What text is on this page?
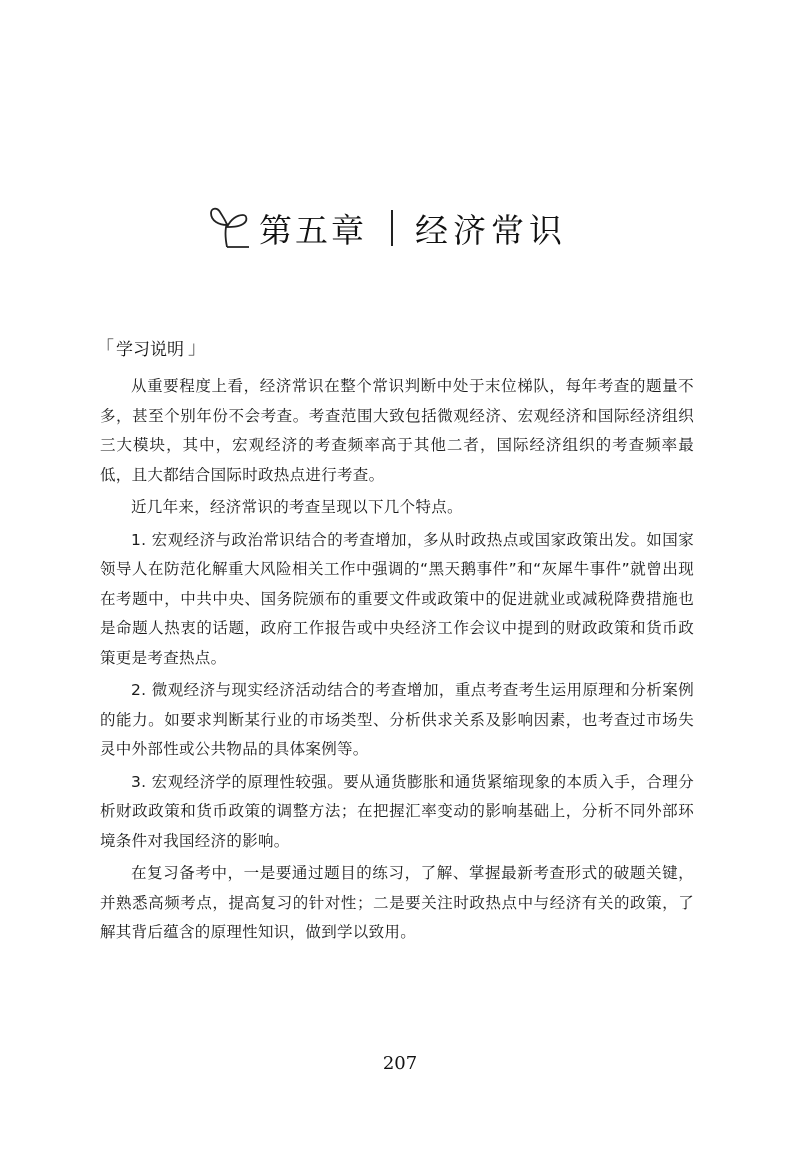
第五章 经济常识
「 学习说明 」

从重要程度上看，经济常识在整个常识判断中处于末位梯队，每年考查的题量不多，甚至个别年份不会考查。考查范围大致包括微观经济、宏观经济和国际经济组织三大模块，其中，宏观经济的考查频率高于其他二者，国际经济组织的考查频率最低，且大都结合国际时政热点进行考查。

近几年来，经济常识的考查呈现以下几个特点。

1. 宏观经济与政治常识结合的考查增加，多从时政热点或国家政策出发。如国家领导人在防范化解重大风险相关工作中强调的“黑天鹅事件”和“灰犀牛事件”就曾出现在考题中，中共中央、国务院颁布的重要文件或政策中的促进就业或减税降费措施也是命题人热衷的话题，政府工作报告或中央经济工作会议中提到的财政政策和货币政策更是考查热点。

2. 微观经济与现实经济活动结合的考查增加，重点考查考生运用原理和分析案例的能力。如要求判断某行业的市场类型、分析供求关系及影响因素，也考查过市场失灵中外部性或公共物品的具体案例等。

3. 宏观经济学的原理性较强。要从通货膨胀和通货紧缩现象的本质入手，合理分析财政政策和货币政策的调整方法；在把握汇率变动的影响基础上，分析不同外部环境条件对我国经济的影响。

在复习备考中，一是要通过题目的练习，了解、掌握最新考查形式的破题关键，并熟悉高频考点，提高复习的针对性；二是要关注时政热点中与经济有关的政策，了解其背后蕴含的原理性知识，做到学以致用。

207
